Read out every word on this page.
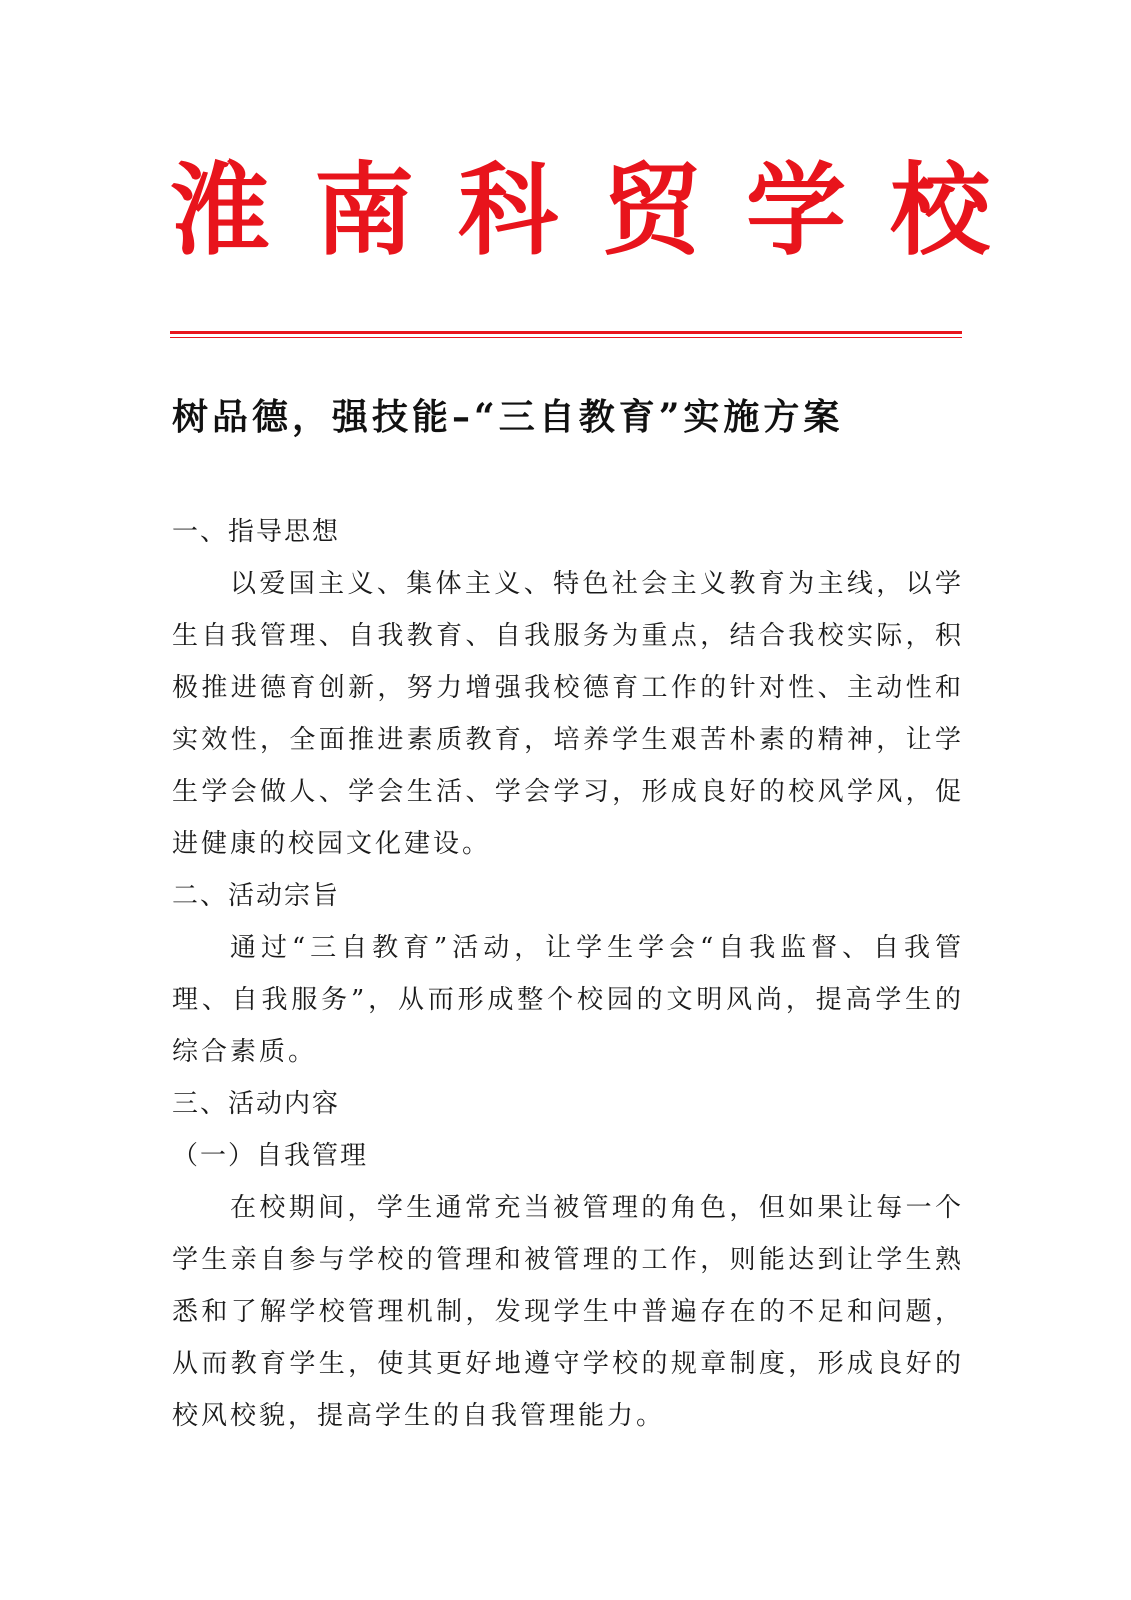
淮南科贸学校
树品德，强技能–“三自教育”实施方案

一、指导思想

以爱国主义、集体主义、特色社会主义教育为主线，以学生自我管理、自我教育、自我服务为重点，结合我校实际，积极推进德育创新，努力增强我校德育工作的针对性、主动性和实效性，全面推进素质教育，培养学生艰苦朴素的精神，让学生学会做人、学会生活、学会学习，形成良好的校风学风，促进健康的校园文化建设。

二、活动宗旨

通过“三自教育”活动，让学生学会“自我监督、自我管理、自我服务”，从而形成整个校园的文明风尚，提高学生的综合素质。

三、活动内容

（一）自我管理

在校期间，学生通常充当被管理的角色，但如果让每一个学生亲自参与学校的管理和被管理的工作，则能达到让学生熟悉和了解学校管理机制，发现学生中普遍存在的不足和问题，从而教育学生，使其更好地遵守学校的规章制度，形成良好的校风校貌，提高学生的自我管理能力。
